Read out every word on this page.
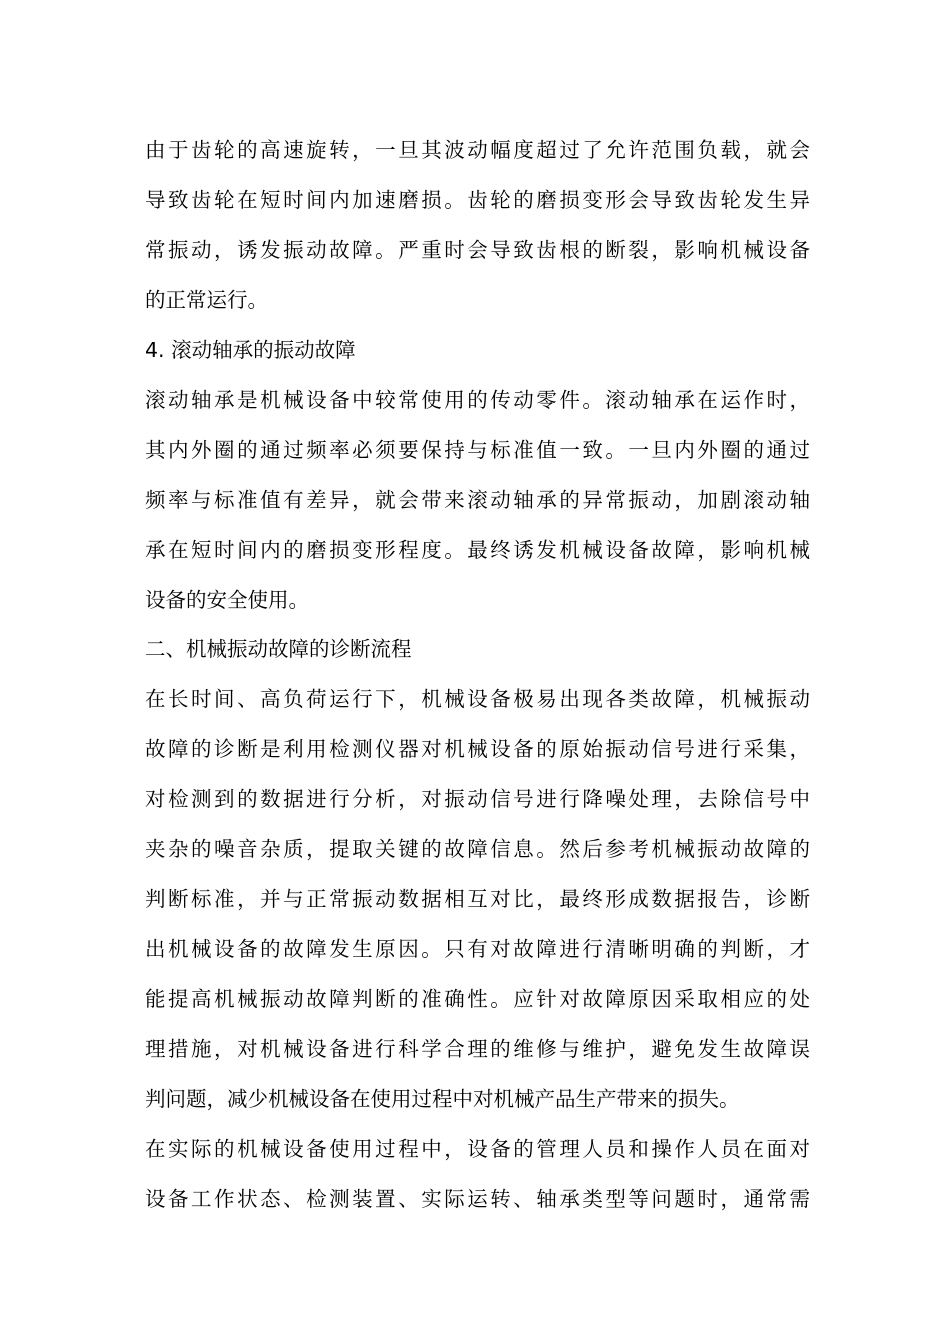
由于齿轮的高速旋转，一旦其波动幅度超过了允许范围负载，就会
导致齿轮在短时间内加速磨损。齿轮的磨损变形会导致齿轮发生异
常振动，诱发振动故障。严重时会导致齿根的断裂，影响机械设备
的正常运行。
4. 滚动轴承的振动故障
滚动轴承是机械设备中较常使用的传动零件。滚动轴承在运作时，
其内外圈的通过频率必须要保持与标准值一致。一旦内外圈的通过
频率与标准值有差异，就会带来滚动轴承的异常振动，加剧滚动轴
承在短时间内的磨损变形程度。最终诱发机械设备故障，影响机械
设备的安全使用。
二、机械振动故障的诊断流程
在长时间、高负荷运行下，机械设备极易出现各类故障，机械振动
故障的诊断是利用检测仪器对机械设备的原始振动信号进行采集，
对检测到的数据进行分析，对振动信号进行降噪处理，去除信号中
夹杂的噪音杂质，提取关键的故障信息。然后参考机械振动故障的
判断标准，并与正常振动数据相互对比，最终形成数据报告，诊断
出机械设备的故障发生原因。只有对故障进行清晰明确的判断，才
能提高机械振动故障判断的准确性。应针对故障原因采取相应的处
理措施，对机械设备进行科学合理的维修与维护，避免发生故障误
判问题，减少机械设备在使用过程中对机械产品生产带来的损失。
在实际的机械设备使用过程中，设备的管理人员和操作人员在面对
设备工作状态、检测装置、实际运转、轴承类型等问题时，通常需
